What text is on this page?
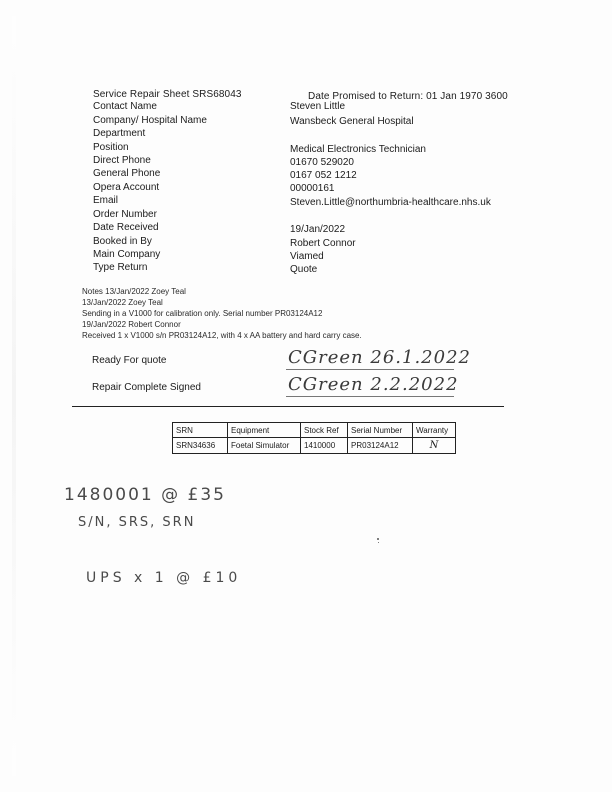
Service Repair Sheet SRS68043	Date Promised to Return: 01 Jan 1970 3600
Contact Name	Steven Little
Company/ Hospital Name	Wansbeck General Hospital
Department
Position	Medical Electronics Technician
Direct Phone	01670 529020
General Phone	0167 052 1212
Opera Account	00000161
Email	Steven.Little@northumbria-healthcare.nhs.uk
Order Number
Date Received	19/Jan/2022
Booked in By	Robert Connor
Main Company	Viamed
Type Return	Quote
Notes 13/Jan/2022 Zoey Teal
13/Jan/2022 Zoey Teal
Sending in a V1000 for calibration only. Serial number PR03124A12
19/Jan/2022 Robert Connor
Received 1 x V1000 s/n PR03124A12, with 4 x AA battery and hard carry case.
Ready For quote	CGreen 26.1.2022
Repair Complete Signed	CGreen 2.2.2022
SRN	Equipment	Stock Ref	Serial Number	Warranty
SRN34636	Foetal Simulator	1410000	PR03124A12	N
1480001 @ £35
S/N, SRS, SRN
UPS x 1 @ £10
